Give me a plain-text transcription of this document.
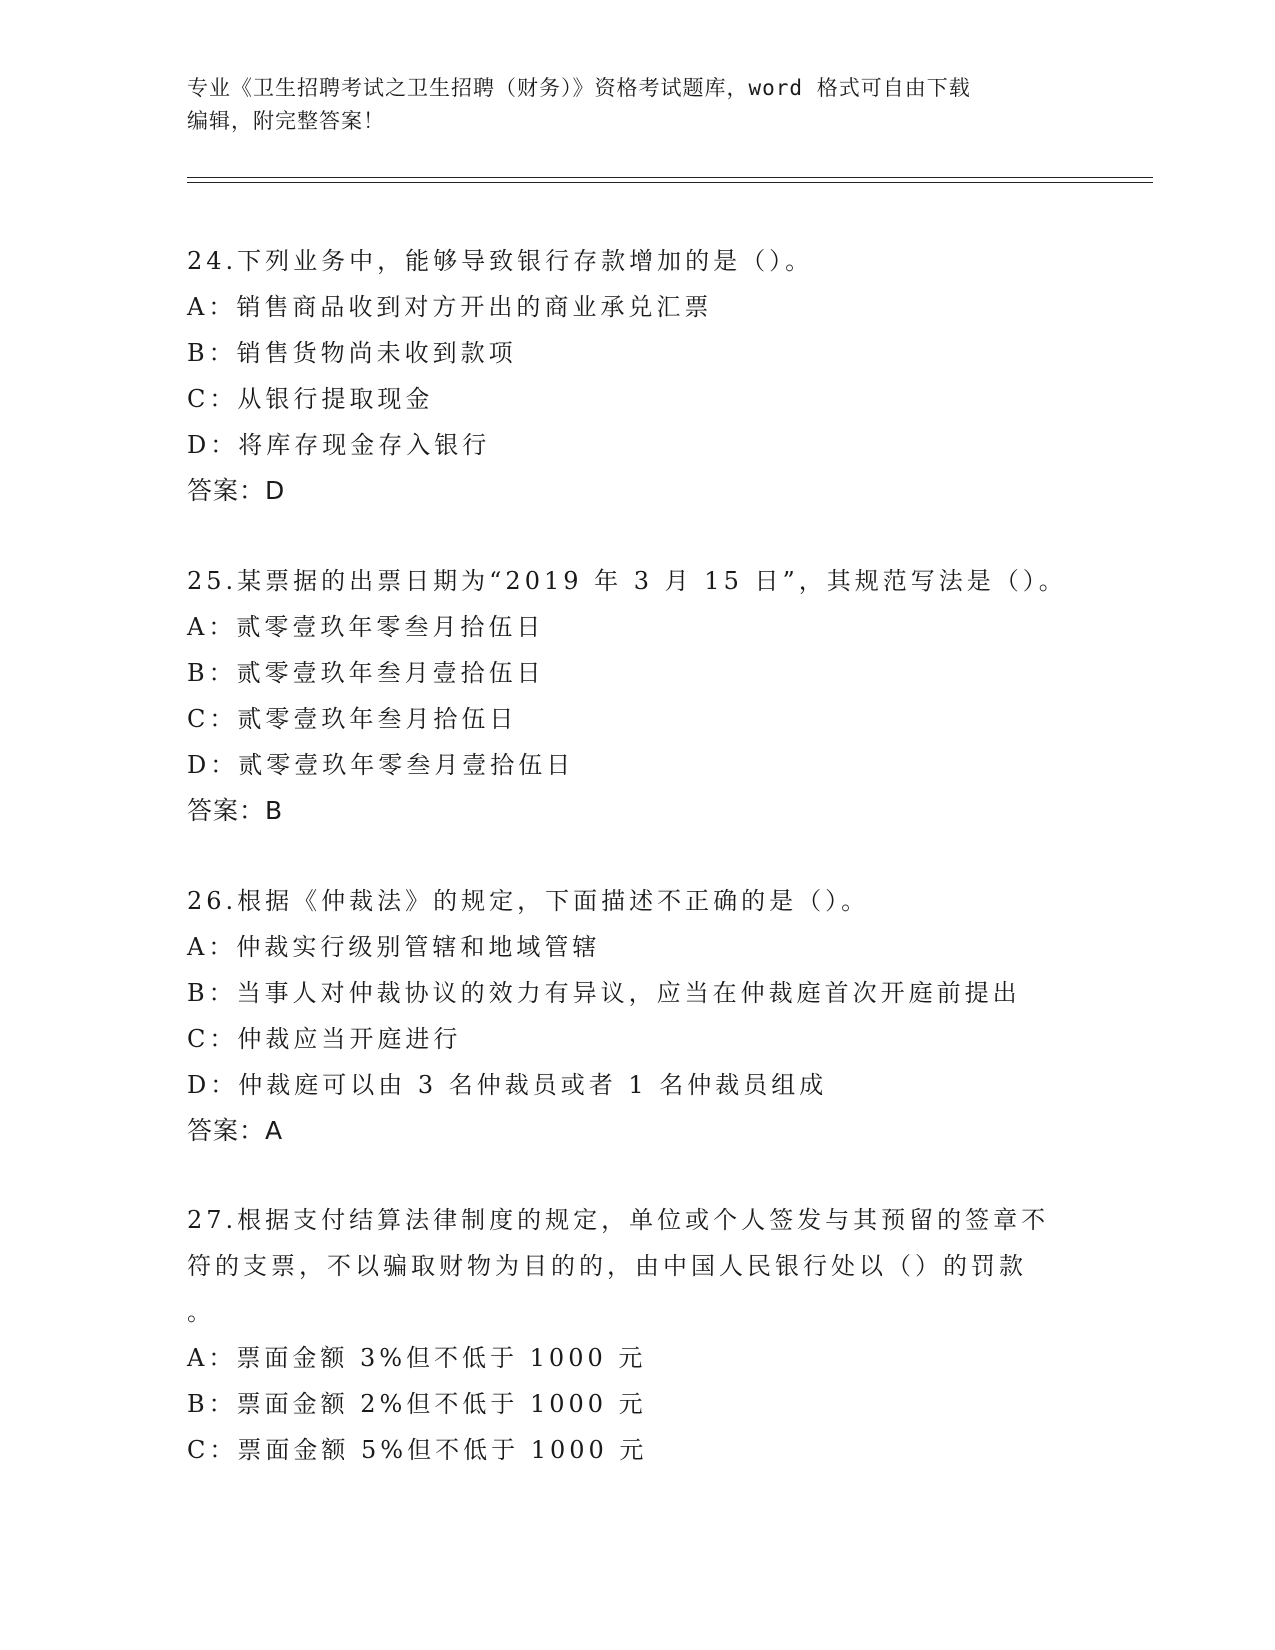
专业《卫生招聘考试之卫生招聘（财务）》资格考试题库，word 格式可自由下载
编辑，附完整答案！
24.下列业务中，能够导致银行存款增加的是（）。
A：销售商品收到对方开出的商业承兑汇票
B：销售货物尚未收到款项
C：从银行提取现金
D：将库存现金存入银行
答案：D
25.某票据的出票日期为“2019 年 3 月 15 日”，其规范写法是（）。
A：贰零壹玖年零叁月拾伍日
B：贰零壹玖年叁月壹拾伍日
C：贰零壹玖年叁月拾伍日
D：贰零壹玖年零叁月壹拾伍日
答案：B
26.根据《仲裁法》的规定，下面描述不正确的是（）。
A：仲裁实行级别管辖和地域管辖
B：当事人对仲裁协议的效力有异议，应当在仲裁庭首次开庭前提出
C：仲裁应当开庭进行
D：仲裁庭可以由 3 名仲裁员或者 1 名仲裁员组成
答案：A
27.根据支付结算法律制度的规定，单位或个人签发与其预留的签章不
符的支票，不以骗取财物为目的的，由中国人民银行处以（）的罚款
。
A：票面金额 3%但不低于 1000 元
B：票面金额 2%但不低于 1000 元
C：票面金额 5%但不低于 1000 元
